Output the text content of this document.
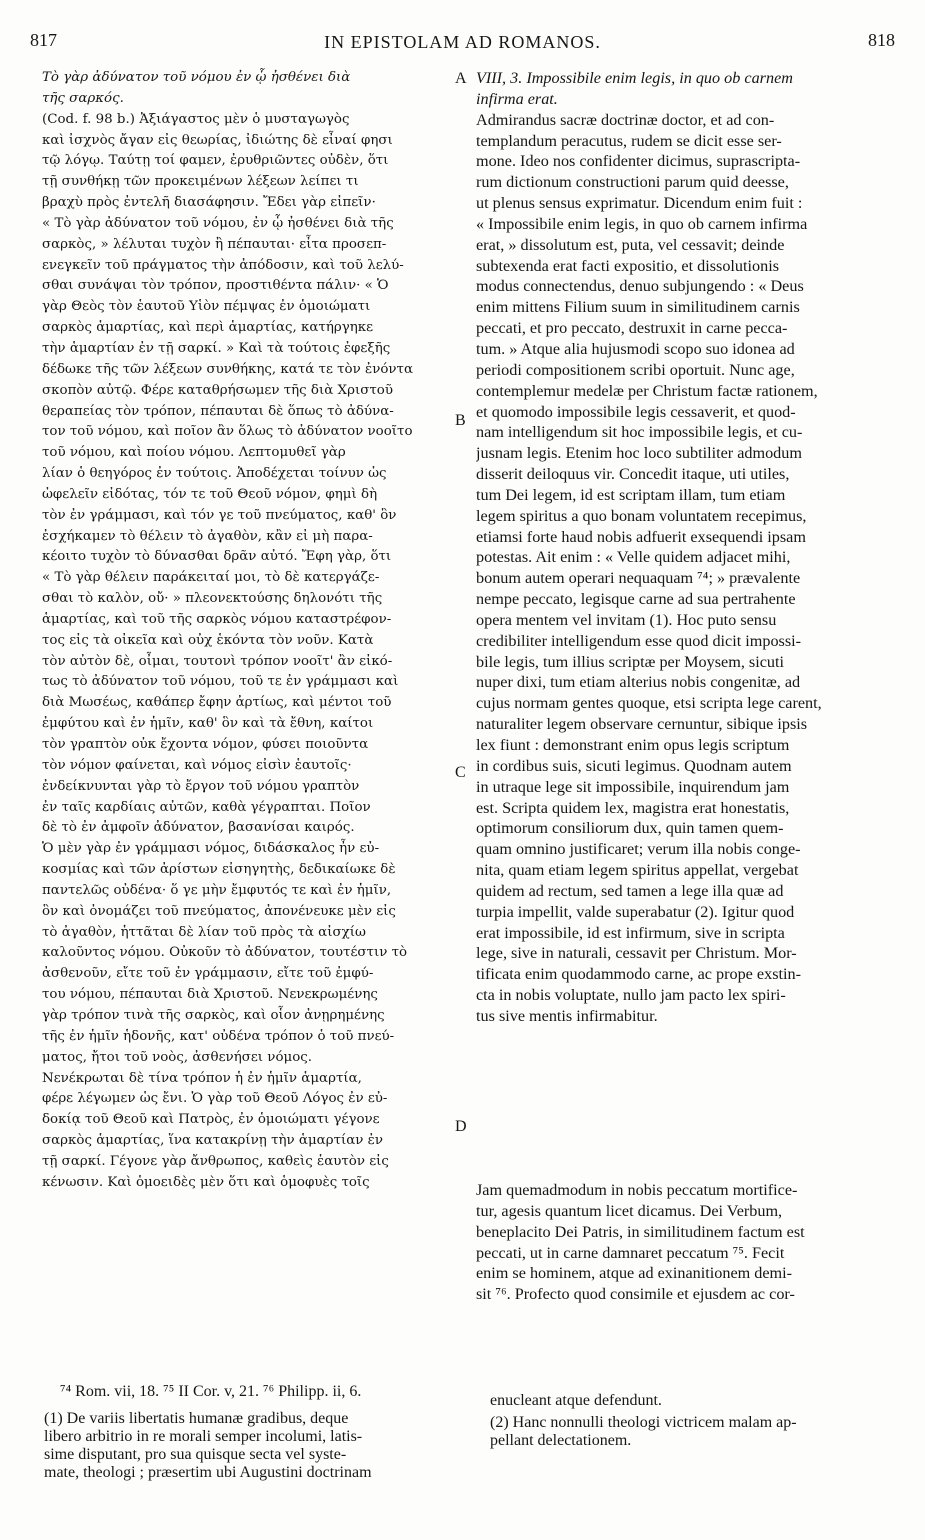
817	IN EPISTOLAM AD ROMANOS.	818

Τὸ γὰρ ἀδύνατον τοῦ νόμου ἐν ᾧ ἠσθένει διὰ

τῆς σαρκός.

(Cod. f. 98 b.) Ἀξιάγαστος μὲν ὁ μυσταγωγὸς

καὶ ἰσχνὸς ἄγαν εἰς θεωρίας, ἰδιώτης δὲ εἶναί φησι

τῷ λόγῳ. Ταύτῃ τοί φαμεν, ἐρυθριῶντες οὐδὲν, ὅτι

τῇ συνθήκῃ τῶν προκειμένων λέξεων λείπει τι

βραχὺ πρὸς ἐντελῆ διασάφησιν. Ἔδει γὰρ εἰπεῖν·

« Τὸ γὰρ ἀδύνατον τοῦ νόμου, ἐν ᾧ ἠσθένει διὰ τῆς

σαρκὸς, » λέλυται τυχὸν ἢ πέπαυται· εἶτα προσεπ-

ενεγκεῖν τοῦ πράγματος τὴν ἀπόδοσιν, καὶ τοῦ λελύ-

σθαι συνάψαι τὸν τρόπον, προστιθέντα πάλιν· « Ὁ

γὰρ Θεὸς τὸν ἑαυτοῦ Υἱὸν πέμψας ἐν ὁμοιώματι

σαρκὸς ἁμαρτίας, καὶ περὶ ἁμαρτίας, κατήργηκε

τὴν ἁμαρτίαν ἐν τῇ σαρκί. » Καὶ τὰ τούτοις ἐφεξῆς

δέδωκε τῆς τῶν λέξεων συνθήκης, κατά τε τὸν ἐνόντα

σκοπὸν αὐτῷ. Φέρε καταθρήσωμεν τῆς διὰ Χριστοῦ

θεραπείας τὸν τρόπον, πέπαυται δὲ ὅπως τὸ ἀδύνα-

τον τοῦ νόμου, καὶ ποῖον ἂν ὅλως τὸ ἀδύνατον νοοῖτο

τοῦ νόμου, καὶ ποίου νόμου. Λεπτομυθεῖ γὰρ

λίαν ὁ θεηγόρος ἐν τούτοις. Ἀποδέχεται τοίνυν ὡς

ὠφελεῖν εἰδότας, τόν τε τοῦ Θεοῦ νόμον, φημὶ δὴ

τὸν ἐν γράμμασι, καὶ τόν γε τοῦ πνεύματος, καθ' ὃν

ἐσχήκαμεν τὸ θέλειν τὸ ἀγαθὸν, κἂν εἰ μὴ παρα-

κέοιτο τυχὸν τὸ δύνασθαι δρᾶν αὐτό. Ἔφη γὰρ, ὅτι

« Τὸ γὰρ θέλειν παράκειταί μοι, τὸ δὲ κατεργάζε-

σθαι τὸ καλὸν, οὔ· » πλεονεκτούσης δηλονότι τῆς

ἁμαρτίας, καὶ τοῦ τῆς σαρκὸς νόμου καταστρέφον-

τος εἰς τὰ οἰκεῖα καὶ οὐχ ἑκόντα τὸν νοῦν. Κατὰ

τὸν αὐτὸν δὲ, οἶμαι, τουτονὶ τρόπον νοοῖτ' ἂν εἰκό-

τως τὸ ἀδύνατον τοῦ νόμου, τοῦ τε ἐν γράμμασι καὶ

διὰ Μωσέως, καθάπερ ἔφην ἀρτίως, καὶ μέντοι τοῦ

ἐμφύτου καὶ ἐν ἡμῖν, καθ' ὃν καὶ τὰ ἔθνη, καίτοι

τὸν γραπτὸν οὐκ ἔχοντα νόμον, φύσει ποιοῦντα

τὸν νόμον φαίνεται, καὶ νόμος εἰσὶν ἑαυτοῖς·

ἐνδείκνυνται γὰρ τὸ ἔργον τοῦ νόμου γραπτὸν

ἐν ταῖς καρδίαις αὐτῶν, καθὰ γέγραπται. Ποῖον

δὲ τὸ ἐν ἀμφοῖν ἀδύνατον, βασανίσαι καιρός.

Ὁ μὲν γὰρ ἐν γράμμασι νόμος, διδάσκαλος ἦν εὐ-

κοσμίας καὶ τῶν ἀρίστων εἰσηγητὴς, δεδικαίωκε δὲ

παντελῶς οὐδένα· ὅ γε μὴν ἔμφυτός τε καὶ ἐν ἡμῖν,

ὃν καὶ ὀνομάζει τοῦ πνεύματος, ἀπονένευκε μὲν εἰς

τὸ ἀγαθὸν, ἡττᾶται δὲ λίαν τοῦ πρὸς τὰ αἰσχίω

καλοῦντος νόμου. Οὐκοῦν τὸ ἀδύνατον, τουτέστιν τὸ

ἀσθενοῦν, εἴτε τοῦ ἐν γράμμασιν, εἴτε τοῦ ἐμφύ-

του νόμου, πέπαυται διὰ Χριστοῦ. Νενεκρωμένης

γὰρ τρόπον τινὰ τῆς σαρκὸς, καὶ οἷον ἀνῃρημένης

τῆς ἐν ἡμῖν ἡδονῆς, κατ' οὐδένα τρόπον ὁ τοῦ πνεύ-

ματος, ἤτοι τοῦ νοὸς, ἀσθενήσει νόμος.

Νενέκρωται δὲ τίνα τρόπον ἡ ἐν ἡμῖν ἁμαρτία,

φέρε λέγωμεν ὡς ἔνι. Ὁ γὰρ τοῦ Θεοῦ Λόγος ἐν εὐ-

δοκίᾳ τοῦ Θεοῦ καὶ Πατρὸς, ἐν ὁμοιώματι γέγονε

σαρκὸς ἁμαρτίας, ἵνα κατακρίνῃ τὴν ἁμαρτίαν ἐν

τῇ σαρκί. Γέγονε γὰρ ἄνθρωπος, καθεὶς ἑαυτὸν εἰς

κένωσιν. Καὶ ὁμοειδὲς μὲν ὅτι καὶ ὁμοφυὲς τοῖς

VIII, 3. Impossibile enim legis, in quo ob carnem

infirma erat.

Admirandus sacræ doctrinæ doctor, et ad con-

templandum peracutus, rudem se dicit esse ser-

mone. Ideo nos confidenter dicimus, suprascripta-

rum dictionum constructioni parum quid deesse,

ut plenus sensus exprimatur. Dicendum enim fuit :

« Impossibile enim legis, in quo ob carnem infirma

erat, » dissolutum est, puta, vel cessavit; deinde

subtexenda erat facti expositio, et dissolutionis

modus connectendus, denuo subjungendo : « Deus

enim mittens Filium suum in similitudinem carnis

peccati, et pro peccato, destruxit in carne pecca-

tum. » Atque alia hujusmodi scopo suo idonea ad

periodi compositionem scribi oportuit. Nunc age,

contemplemur medelæ per Christum factæ rationem,

et quomodo impossibile legis cessaverit, et quod-

nam intelligendum sit hoc impossibile legis, et cu-

jusnam legis. Etenim hoc loco subtiliter admodum

disserit deiloquus vir. Concedit itaque, uti utiles,

tum Dei legem, id est scriptam illam, tum etiam

legem spiritus a quo bonam voluntatem recepimus,

etiamsi forte haud nobis adfuerit exsequendi ipsam

potestas. Ait enim : « Velle quidem adjacet mihi,

bonum autem operari nequaquam ⁷⁴; » prævalente

nempe peccato, legisque carne ad sua pertrahente

opera mentem vel invitam (1). Hoc puto sensu

credibiliter intelligendum esse quod dicit impossi-

bile legis, tum illius scriptæ per Moysem, sicuti

nuper dixi, tum etiam alterius nobis congenitæ, ad

cujus normam gentes quoque, etsi scripta lege carent,

naturaliter legem observare cernuntur, sibique ipsis

lex fiunt : demonstrant enim opus legis scriptum

in cordibus suis, sicuti legimus. Quodnam autem

in utraque lege sit impossibile, inquirendum jam

est. Scripta quidem lex, magistra erat honestatis,

optimorum consiliorum dux, quin tamen quem-

quam omnino justificaret; verum illa nobis conge-

nita, quam etiam legem spiritus appellat, vergebat

quidem ad rectum, sed tamen a lege illa quæ ad

turpia impellit, valde superabatur (2). Igitur quod

erat impossibile, id est infirmum, sive in scripta

lege, sive in naturali, cessavit per Christum. Mor-

tificata enim quodammodo carne, ac prope exstin-

cta in nobis voluptate, nullo jam pacto lex spiri-

tus sive mentis infirmabitur.

Jam quemadmodum in nobis peccatum mortifice-

tur, agesis quantum licet dicamus. Dei Verbum,

beneplacito Dei Patris, in similitudinem factum est

peccati, ut in carne damnaret peccatum ⁷⁵. Fecit

enim se hominem, atque ad exinanitionem demi-

sit ⁷⁶. Profecto quod consimile et ejusdem ac cor-

A
B
C
D
⁷⁴ Rom. vii, 18. ⁷⁵ II Cor. v, 21. ⁷⁶ Philipp. ii, 6.

(1) De variis libertatis humanæ gradibus, deque

libero arbitrio in re morali semper incolumi, latis-

sime disputant, pro sua quisque secta vel syste-

mate, theologi ; præsertim ubi Augustini doctrinam

enucleant atque defendunt.

(2) Hanc nonnulli theologi victricem malam ap-

pellant delectationem.
